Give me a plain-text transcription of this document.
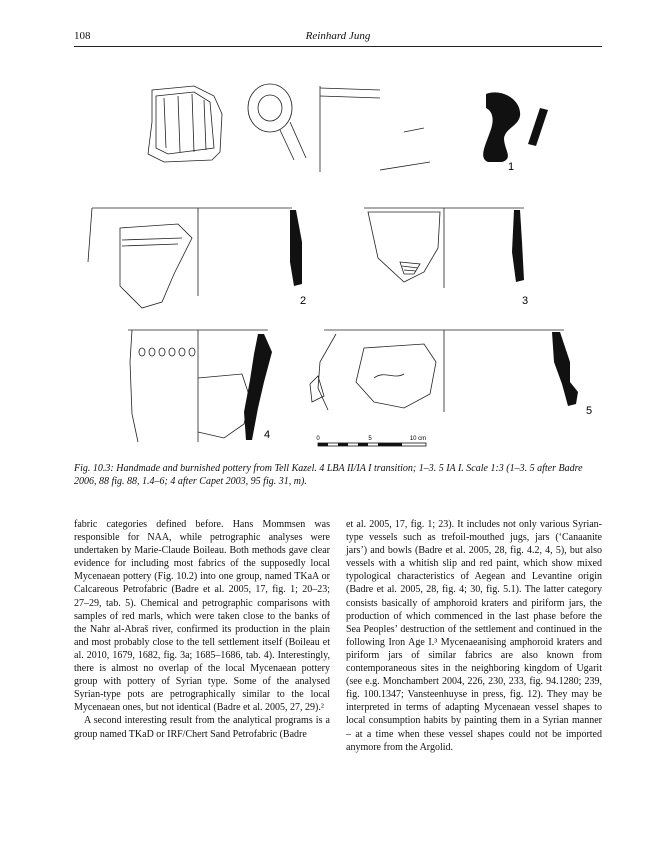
108	Reinhard Jung
0	5	10 cm
1
2	3
4
5
Fig. 10.3: Handmade and burnished pottery from Tell Kazel. 4 LBA II/IA I transition; 1–3. 5 IA I. Scale 1:3 (1–3. 5 after Badre 2006, 88 fig. 88, 1.4–6; 4 after Capet 2003, 95 fig. 31, m).

fabric categories defined before. Hans Mommsen was responsible for NAA, while petrographic analyses were undertaken by Marie-Claude Boileau. Both methods gave clear evidence for including most fabrics of the supposedly local Mycenaean pottery (Fig. 10.2) into one group, named TKaA or Calcareous Petrofabric (Badre et al. 2005, 17, fig. 1; 20–23; 27–29, tab. 5). Chemical and petrographic comparisons with samples of red marls, which were taken close to the banks of the Nahr al-Abraš river, confirmed its production in the plain and most probably close to the tell settlement itself (Boileau et al. 2010, 1679, 1682, fig. 3a; 1685–1686, tab. 4). Interestingly, there is almost no overlap of the local Mycenaean pottery group with pottery of Syrian type. Some of the analysed Syrian-type pots are petrographically similar to the local Mycenaean ones, but not identical (Badre et al. 2005, 27, 29).²

A second interesting result from the analytical programs is a group named TKaD or IRF/Chert Sand Petrofabric (Badre

et al. 2005, 17, fig. 1; 23). It includes not only various Syrian-type vessels such as trefoil-mouthed jugs, jars (‘Canaanite jars’) and bowls (Badre et al. 2005, 28, fig. 4.2, 4, 5), but also vessels with a whitish slip and red paint, which show mixed typological characteristics of Aegean and Levantine origin (Badre et al. 2005, 28, fig. 4; 30, fig. 5.1). The latter category consists basically of amphoroid kraters and piriform jars, the production of which commenced in the last phase before the Sea Peoples’ destruction of the settlement and continued in the following Iron Age I.³ Mycenaeanising amphoroid kraters and piriform jars of similar fabrics are also known from contemporaneous sites in the neighboring kingdom of Ugarit (see e.g. Monchambert 2004, 226, 230, 233, fig. 94.1280; 239, fig. 100.1347; Vansteenhuyse in press, fig. 12). They may be interpreted in terms of adapting Mycenaean vessel shapes to local consumption habits by painting them in a Syrian manner – at a time when these vessel shapes could not be imported anymore from the Argolid.
